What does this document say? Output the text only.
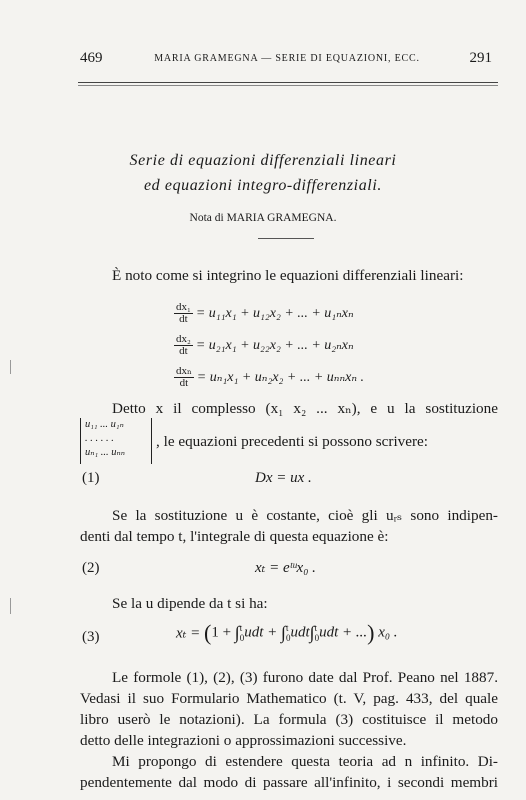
469	MARIA GRAMEGNA — SERIE DI EQUAZIONI, ECC.	291
Serie di equazioni differenziali lineari
ed equazioni integro-differenziali.
Nota di MARIA GRAMEGNA.
È noto come si integrino le equazioni differenziali lineari:
$\frac{\text{dx₁}}{dt} = u_{11}x_1 + u_{12}x_2$ + ... + u₁ₙxₙ
$\frac{\text{dx₂}}{dt} = u_{21}x_1 + u_{22}x_2$ + ... + u₂ₙxₙ
$\frac{\text{dxₙ}}{dt} = u_{n1}x_1 + u_{n2}x_2$ + ... + uₙₙxₙ .
Detto x il complesso (x₁ x₂ ... xₙ), e u la sostituzione
u₁₁ ... u₁ₙ
. . . . . .
uₙ₁ ... uₙₙ
, le equazioni precedenti si possono scrivere:
(1)	Dx = ux .
Se la sostituzione u è costante, cioè gli uᵣₛ sono indipen-
denti dal tempo t, l'integrale di questa equazione è:
(2)	xₜ = eᵗᵘx₀ .
Se la u dipende da t si ha:
(3)	xₜ = (1 + ∫t
0udt + ∫t
0udt∫t
0udt + ...) x₀ .
Le formole (1), (2), (3) furono date dal Prof. Peano nel 1887.
Vedasi il suo Formulario Mathematico (t. V, pag. 433, del quale
libro userò le notazioni). La formula (3) costituisce il metodo
detto delle integrazioni o approssimazioni successive.
Mi propongo di estendere questa teoria ad n infinito. Di-
pendentemente dal modo di passare all'infinito, i secondi membri
